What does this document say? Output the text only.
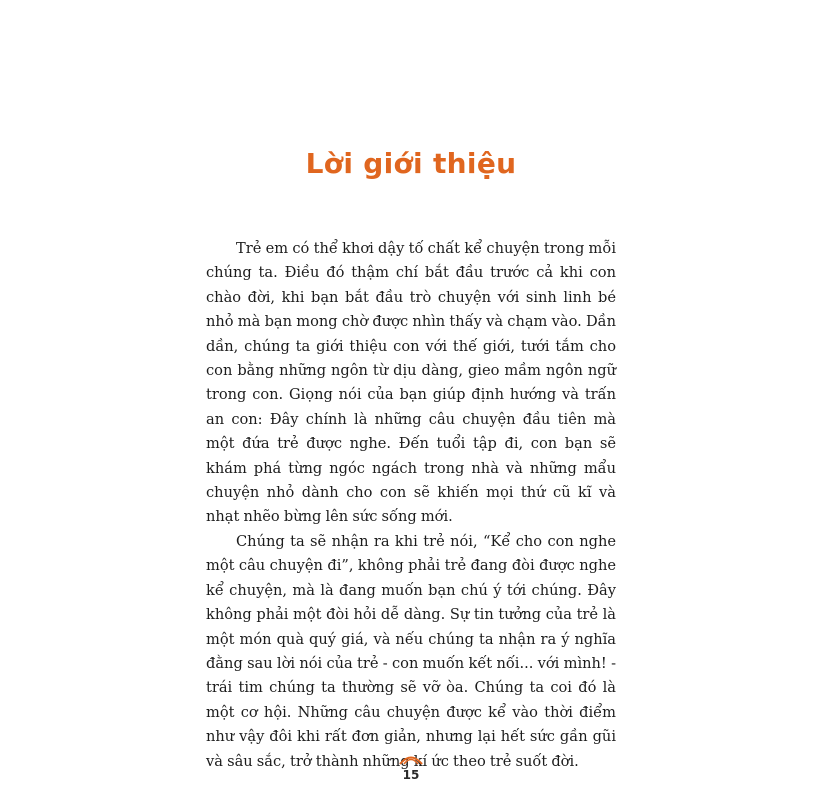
Lời giới thiệu

Trẻ em có thể khơi dậy tố chất kể chuyện trong mỗi chúng ta. Điều đó thậm chí bắt đầu trước cả khi con chào đời, khi bạn bắt đầu trò chuyện với sinh linh bé nhỏ mà bạn mong chờ được nhìn thấy và chạm vào. Dần dần, chúng ta giới thiệu con với thế giới, tưới tắm cho con bằng những ngôn từ dịu dàng, gieo mầm ngôn ngữ trong con. Giọng nói của bạn giúp định hướng và trấn an con: Đây chính là những câu chuyện đầu tiên mà một đứa trẻ được nghe. Đến tuổi tập đi, con bạn sẽ khám phá từng ngóc ngách trong nhà và những mẩu chuyện nhỏ dành cho con sẽ khiến mọi thứ cũ kĩ và nhạt nhẽo bừng lên sức sống mới.

Chúng ta sẽ nhận ra khi trẻ nói, “Kể cho con nghe một câu chuyện đi”, không phải trẻ đang đòi được nghe kể chuyện, mà là đang muốn bạn chú ý tới chúng. Đây không phải một đòi hỏi dễ dàng. Sự tin tưởng của trẻ là một món quà quý giá, và nếu chúng ta nhận ra ý nghĩa đằng sau lời nói của trẻ - con muốn kết nối... với mình! - trái tim chúng ta thường sẽ vỡ òa. Chúng ta coi đó là một cơ hội. Những câu chuyện được kể vào thời điểm như vậy đôi khi rất đơn giản, nhưng lại hết sức gần gũi và sâu sắc, trở thành những kí ức theo trẻ suốt đời.

15
